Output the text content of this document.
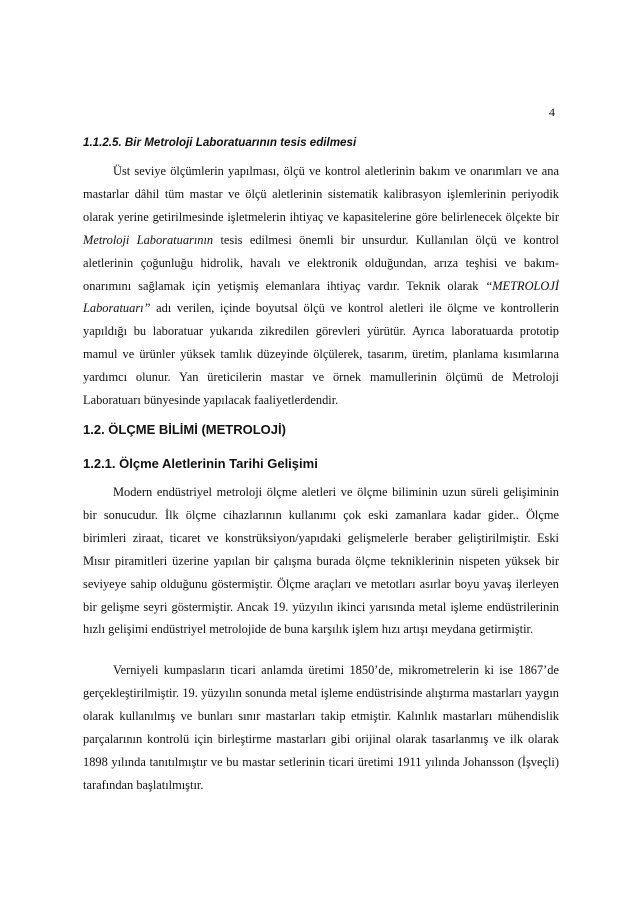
4
1.1.2.5. Bir Metroloji Laboratuarının tesis edilmesi

Üst seviye ölçümlerin yapılması, ölçü ve kontrol aletlerinin bakım ve onarımları ve ana mastarlar dâhil tüm mastar ve ölçü aletlerinin sistematik kalibrasyon işlemlerinin periyodik olarak yerine getirilmesinde işletmelerin ihtiyaç ve kapasitelerine göre belirlenecek ölçekte bir Metroloji Laboratuarının tesis edilmesi önemli bir unsurdur. Kullanılan ölçü ve kontrol aletlerinin çoğunluğu hidrolik, havalı ve elektronik olduğundan, arıza teşhisi ve bakım-onarımını sağlamak için yetişmiş elemanlara ihtiyaç vardır. Teknik olarak “METROLOJİ Laboratuarı” adı verilen, içinde boyutsal ölçü ve kontrol aletleri ile ölçme ve kontrollerin yapıldığı bu laboratuar yukarıda zikredilen görevleri yürütür. Ayrıca laboratuarda prototip mamul ve ürünler yüksek tamlık düzeyinde ölçülerek, tasarım, üretim, planlama kısımlarına yardımcı olunur. Yan üreticilerin mastar ve örnek mamullerinin ölçümü de Metroloji Laboratuarı bünyesinde yapılacak faaliyetlerdendir.

1.2. ÖLÇME BİLİMİ (METROLOJİ)
1.2.1. Ölçme Aletlerinin Tarihi Gelişimi

Modern endüstriyel metroloji ölçme aletleri ve ölçme biliminin uzun süreli gelişiminin bir sonucudur. İlk ölçme cihazlarının kullanımı çok eski zamanlara kadar gider.. Ölçme birimleri ziraat, ticaret ve konstrüksiyon/yapıdaki gelişmelerle beraber geliştirilmiştir. Eski Mısır piramitleri üzerine yapılan bir çalışma burada ölçme tekniklerinin nispeten yüksek bir seviyeye sahip olduğunu göstermiştir. Ölçme araçları ve metotları asırlar boyu yavaş ilerleyen bir gelişme seyri göstermiştir. Ancak 19. yüzyılın ikinci yarısında metal işleme endüstrilerinin hızlı gelişimi endüstriyel metrolojide de buna karşılık işlem hızı artışı meydana getirmiştir.

Verniyeli kumpasların ticari anlamda üretimi 1850’de, mikrometrelerin ki ise 1867’de gerçekleştirilmiştir. 19. yüzyılın sonunda metal işleme endüstrisinde alıştırma mastarları yaygın olarak kullanılmış ve bunları sınır mastarları takip etmiştir. Kalınlık mastarları mühendislik parçalarının kontrolü için birleştirme mastarları gibi orijinal olarak tasarlanmış ve ilk olarak 1898 yılında tanıtılmıştır ve bu mastar setlerinin ticari üretimi 1911 yılında Johansson (İşveçli) tarafından başlatılmıştır.
